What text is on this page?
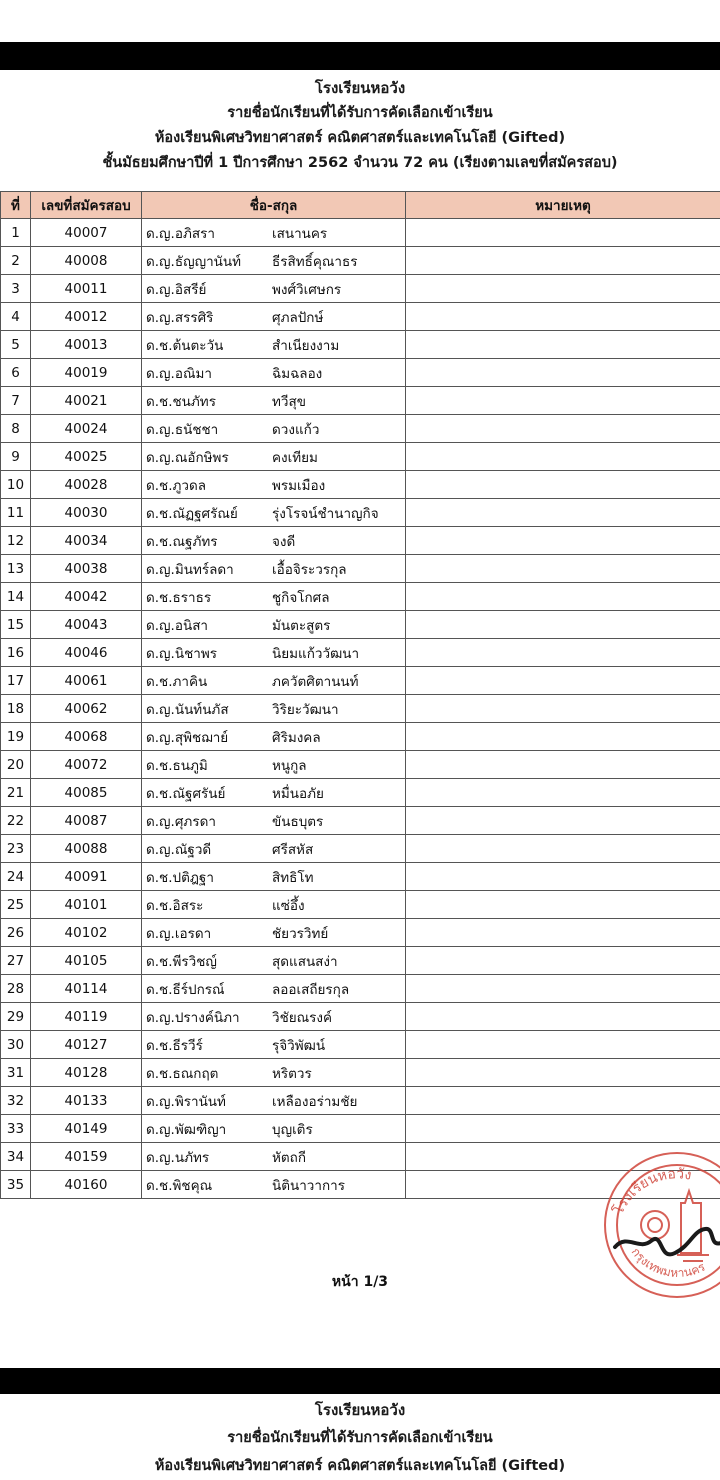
โรงเรียนหอวัง
รายชื่อนักเรียนที่ได้รับการคัดเลือกเข้าเรียน
ห้องเรียนพิเศษวิทยาศาสตร์ คณิตศาสตร์และเทคโนโลยี (Gifted)
ชั้นมัธยมศึกษาปีที่ 1 ปีการศึกษา 2562 จำนวน 72 คน (เรียงตามเลขที่สมัครสอบ)
ที่	เลขที่สมัครสอบ	ชื่อ-สกุล	หมายเหตุ
1	40007	ด.ญ.อภิสรา เสนานคร	
2	40008	ด.ญ.ธัญญานันท์ ธีรสิทธิ์คุณาธร	
3	40011	ด.ญ.อิสรีย์ พงศ์วิเศษกร	
4	40012	ด.ญ.สรรศิริ ศุภลปักษ์	
5	40013	ด.ช.ต้นตะวัน สำเนียงงาม	
6	40019	ด.ญ.อณิมา ฉิมฉลอง	
7	40021	ด.ช.ชนภัทร ทวีสุข	
8	40024	ด.ญ.ธนัชชา ดวงแก้ว	
9	40025	ด.ญ.ณอักษิพร คงเทียม	
10	40028	ด.ช.ภูวดล พรมเมือง	
11	40030	ด.ช.ณัฏฐศรัณย์ รุ่งโรจน์ชำนาญกิจ	
12	40034	ด.ช.ณฐภัทร จงดี	
13	40038	ด.ญ.มินทร์ลดา เอื้อจิระวรกุล	
14	40042	ด.ช.ธราธร ชูกิจโกศล	
15	40043	ด.ญ.อนิสา มันตะสูตร	
16	40046	ด.ญ.นิชาพร นิยมแก้ววัฒนา	
17	40061	ด.ช.ภาคิน ภควัตศิตานนท์	
18	40062	ด.ญ.นันท์นภัส วิริยะวัฒนา	
19	40068	ด.ญ.สุพิชฌาย์ ศิริมงคล	
20	40072	ด.ช.ธนภูมิ หนูกูล	
21	40085	ด.ช.ณัฐศรันย์ หมื่นอภัย	
22	40087	ด.ญ.ศุภรดา ขันธบุตร	
23	40088	ด.ญ.ณัฐวดี ศรีสหัส	
24	40091	ด.ช.ปติฎฐา สิทธิโท	
25	40101	ด.ช.อิสระ แซ่อึ้ง	
26	40102	ด.ญ.เอรดา ชัยวรวิทย์	
27	40105	ด.ช.พีรวิชญ์ สุดแสนสง่า	
28	40114	ด.ช.ธีร์ปกรณ์ ลออเสถียรกุล	
29	40119	ด.ญ.ปรางค์นิภา วิชัยณรงค์	
30	40127	ด.ช.ธีรวีร์ รุจิวิพัฒน์	
31	40128	ด.ช.ธณกฤต หริตวร	
32	40133	ด.ญ.พิรานันท์ เหลืองอร่ามชัย	
33	40149	ด.ญ.พัฒฑิญา บุญเติร	
34	40159	ด.ญ.นภัทร หัตถกี	
35	40160	ด.ช.พิชคุณ นิตินาวาการ	
หน้า 1/3
โรงเรียนหอวัง
กรุงเทพมหานคร
โรงเรียนหอวัง
รายชื่อนักเรียนที่ได้รับการคัดเลือกเข้าเรียน
ห้องเรียนพิเศษวิทยาศาสตร์ คณิตศาสตร์และเทคโนโลยี (Gifted)
